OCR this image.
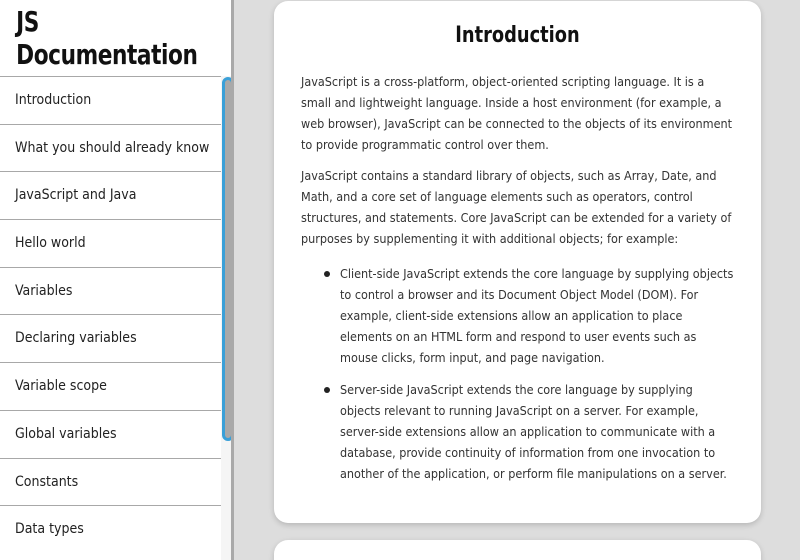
JS Documentation
Introduction
What you should already know
JavaScript and Java
Hello world
Variables
Declaring variables
Variable scope
Global variables
Constants
Data types
Introduction

JavaScript is a cross-platform, object-oriented scripting language. It is a small and lightweight language. Inside a host environment (for example, a web browser), JavaScript can be connected to the objects of its environment to provide programmatic control over them.

JavaScript contains a standard library of objects, such as Array, Date, and Math, and a core set of language elements such as operators, control structures, and statements. Core JavaScript can be extended for a variety of purposes by supplementing it with additional objects; for example:

Client-side JavaScript extends the core language by supplying objects to control a browser and its Document Object Model (DOM). For example, client-side extensions allow an application to place elements on an HTML form and respond to user events such as mouse clicks, form input, and page navigation.
Server-side JavaScript extends the core language by supplying objects relevant to running JavaScript on a server. For example, server-side extensions allow an application to communicate with a database, provide continuity of information from one invocation to another of the application, or perform file manipulations on a server.
